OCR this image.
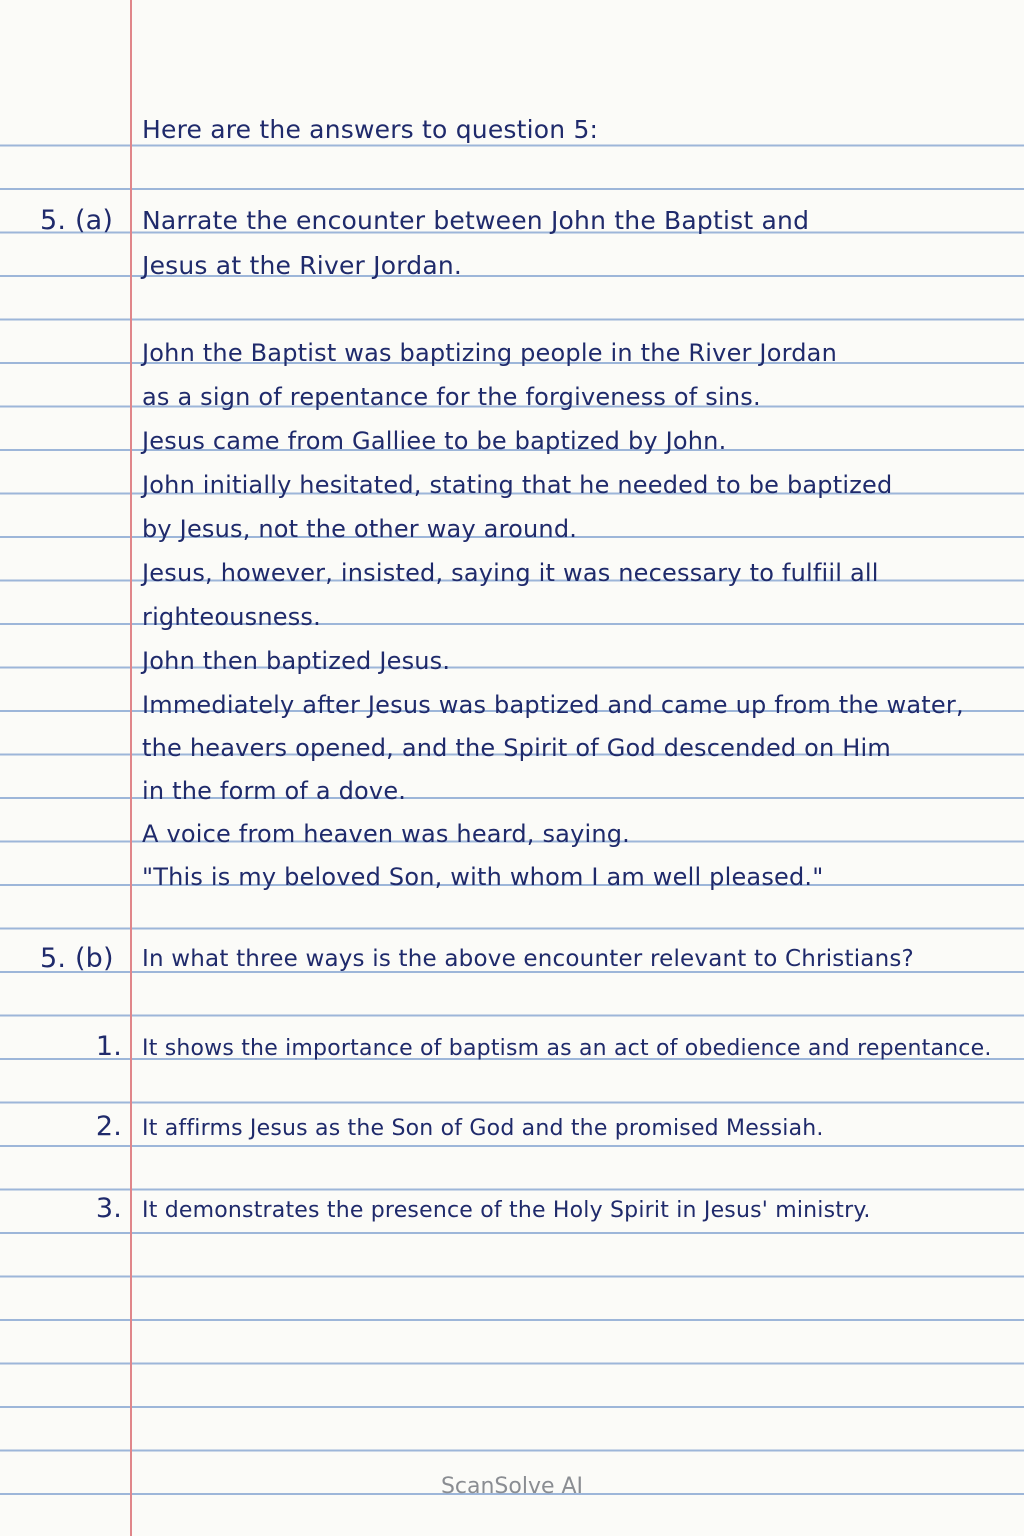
Here are the answers to question 5:

5. (a) Narrate the encounter between John the Baptist and

Jesus at the River Jordan.

John the Baptist was baptizing people in the River Jordan

as a sign of repentance for the forgiveness of sins.

Jesus came from Galliee to be baptized by John.

John initially hesitated, stating that he needed to be baptized

by Jesus, not the other way around.

Jesus, however, insisted, saying it was necessary to fulfiil all

righteousness.

John then baptized Jesus.

Immediately after Jesus was baptized and came up from the water,

the heavers opened, and the Spirit of God descended on Him

in the form of a dove.

A voice from heaven was heard, saying.

"This is my beloved Son, with whom I am well pleased."

5. (b) In what three ways is the above encounter relevant to Christians?

1. It shows the importance of baptism as an act of obedience and repentance.

2. It affirms Jesus as the Son of God and the promised Messiah.

3. It demonstrates the presence of the Holy Spirit in Jesus' ministry.

ScanSolve AI
